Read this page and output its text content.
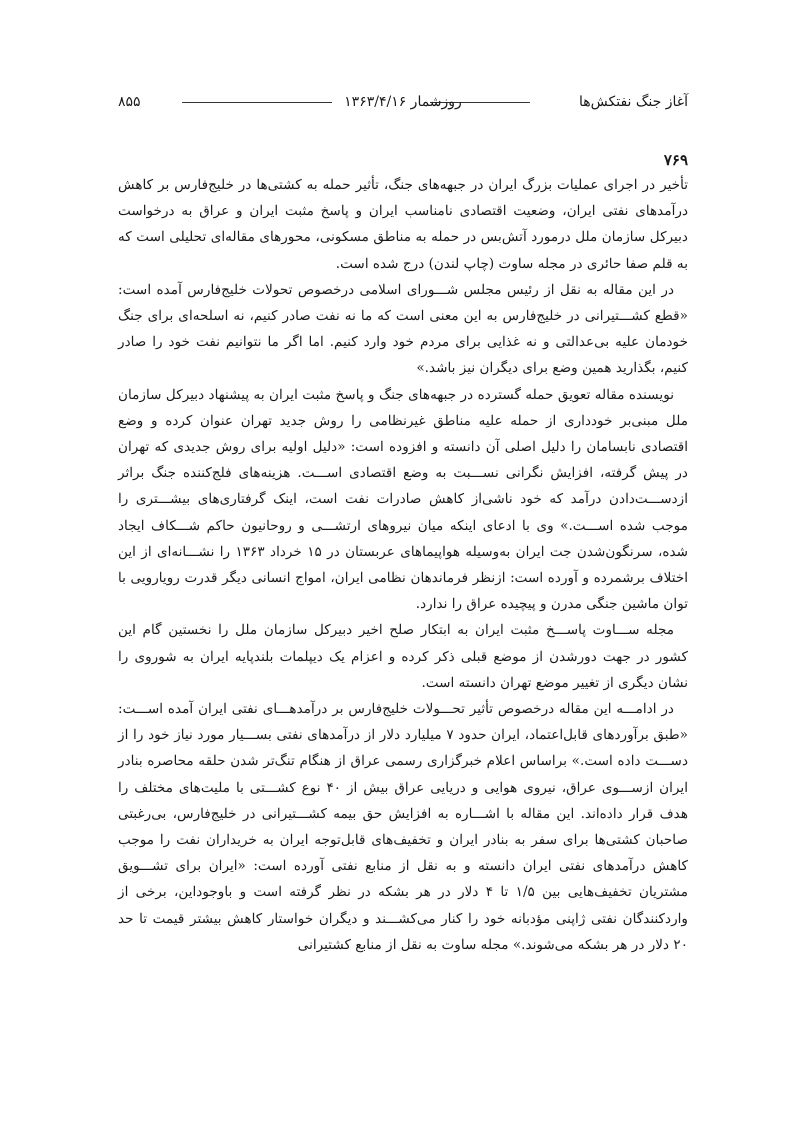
آغاز جنگ نفتکش‌ها
روزشمار ۱۳۶۳/۴/۱۶
۸۵۵
۷۶۹

تأخیر در اجرای عملیات بزرگ ایران در جبهه‌های جنگ، تأثیر حمله به کشتی‌ها در خلیج‌فارس بر کاهش درآمدهای نفتی ایران، وضعیت اقتصادی نامناسب ایران و پاسخ مثبت ایران و عراق به درخواست دبیرکل سازمان ملل درمورد آتش‌بس در حمله به مناطق مسکونی، محورهای مقاله‌ای تحلیلی است که به قلم صفا حائری در مجله ساوت (چاپ لندن) درج شده است.

در این مقاله به نقل از رئیس مجلس شـــورای اسلامی درخصوص تحولات خلیج‌فارس آمده است: «قطع کشـــتیرانی در خلیج‌فارس به این معنی است که ما نه نفت صادر کنیم، نه اسلحه‌ای برای جنگ خودمان علیه بی‌عدالتی و نه غذایی برای مردم خود وارد کنیم. اما اگر ما نتوانیم نفت خود را صادر کنیم، بگذارید همین وضع برای دیگران نیز باشد.»

نویسنده مقاله تعویق حمله گسترده در جبهه‌های جنگ و پاسخ مثبت ایران به پیشنهاد دبیرکل سازمان ملل مبنی‌بر خودداری از حمله علیه مناطق غیرنظامی را روش جدید تهران عنوان کرده و وضع اقتصادی نابسامان را دلیل اصلی آن دانسته و افزوده است: «دلیل اولیه برای روش جدیدی که تهران در پیش گرفته، افزایش نگرانی نســـبت به وضع اقتصادی اســـت. هزینه‌های فلج‌کننده جنگ براثر ازدســـت‌دادن درآمد که خود ناشی‌از کاهش صادرات نفت است، اینک گرفتاری‌های بیشـــتری را موجب شده اســـت.» وی با ادعای اینکه میان نیروهای ارتشـــی و روحانیون حاکم شـــکاف ایجاد شده، سرنگون‌شدن جت ایران به‌وسیله هواپیماهای عربستان در ۱۵ خرداد ۱۳۶۳ را نشـــانه‌ای از این اختلاف برشمرده و آورده است: ازنظر فرماندهان نظامی ایران، امواج انسانی دیگر قدرت رویارویی با توان ماشین جنگی مدرن و پیچیده عراق را ندارد.

مجله ســـاوت پاســـخ مثبت ایران به ابتکار صلح اخیر دبیرکل سازمان ملل را نخستین گام این کشور در جهت دورشدن از موضع قبلی ذکر کرده و اعزام یک دیپلمات بلندپایه ایران به شوروی را نشان دیگری از تغییر موضع تهران دانسته است.

در ادامـــه این مقاله درخصوص تأثیر تحـــولات خلیج‌فارس بر درآمدهـــای نفتی ایران آمده اســـت: «طبق برآوردهای قابل‌اعتماد، ایران حدود ۷ میلیارد دلار از درآمدهای نفتی بســـیار مورد نیاز خود را از دســـت داده است.» براساس اعلام خبرگزاری رسمی عراق از هنگام تنگ‌تر شدن حلقه محاصره بنادر ایران ازســـوی عراق، نیروی هوایی و دریایی عراق بیش از ۴۰ نوع کشـــتی با ملیت‌های مختلف را هدف قرار داده‌اند. این مقاله با اشـــاره به افزایش حق بیمه کشـــتیرانی در خلیج‌فارس، بی‌رغبتی صاحبان کشتی‌ها برای سفر به بنادر ایران و تخفیف‌های قابل‌توجه ایران به خریداران نفت را موجب کاهش درآمدهای نفتی ایران دانسته و به نقل از منابع نفتی آورده است: «ایران برای تشـــویق مشتریان تخفیف‌هایی بین ۱/۵ تا ۴ دلار در هر بشکه در نظر گرفته است و باوجوداین، برخی از واردکنندگان نفتی ژاپنی مؤدبانه خود را کنار می‌کشـــند و دیگران خواستار کاهش بیشتر قیمت تا حد ۲۰ دلار در هر بشکه می‌شوند.» مجله ساوت به نقل از منابع کشتیرانی
